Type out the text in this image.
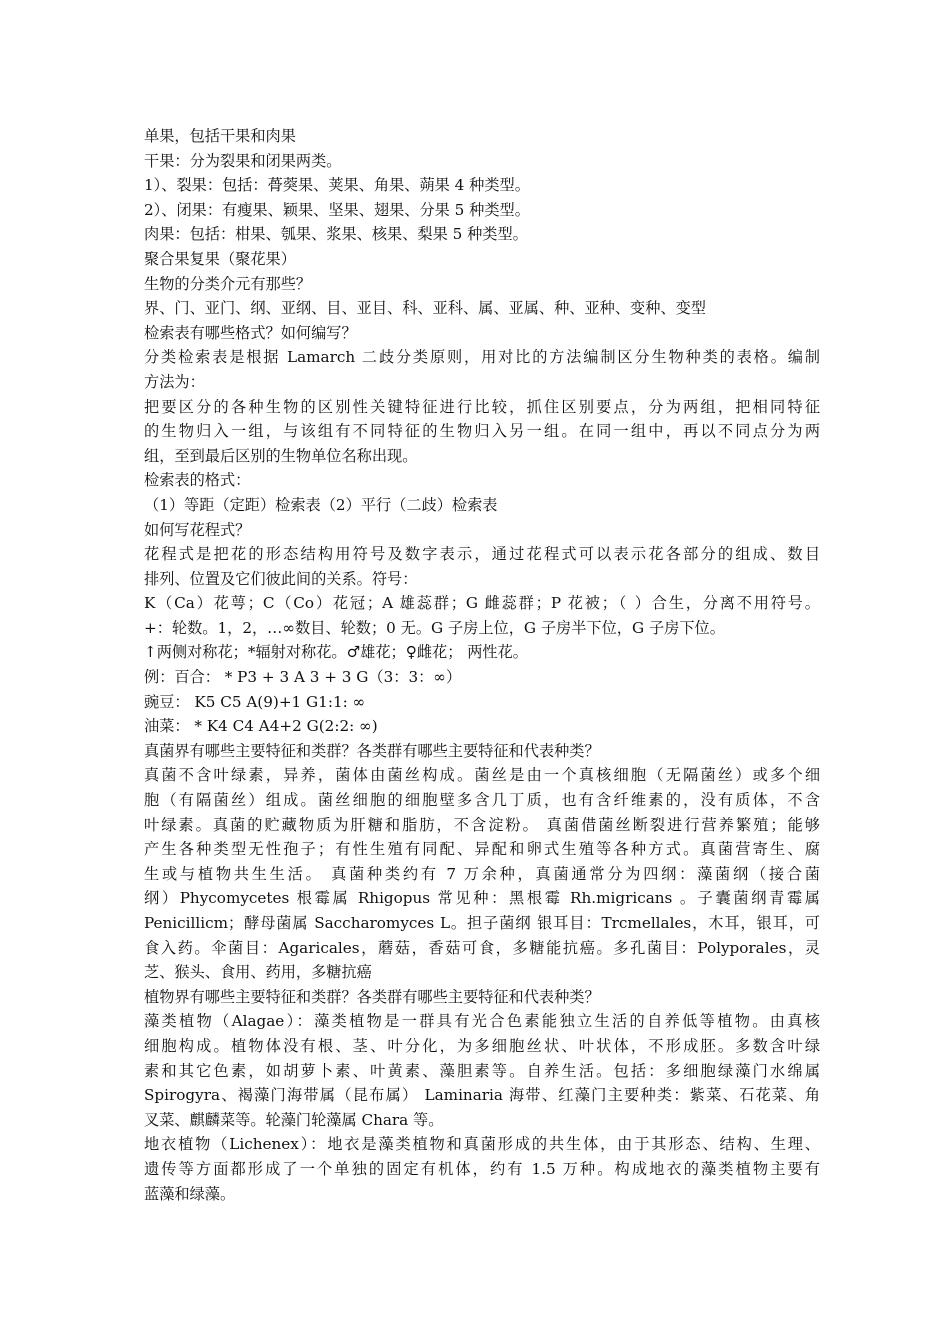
单果，包括干果和肉果
干果：分为裂果和闭果两类。
1）、裂果：包括：蓇葖果、荚果、角果、蒴果 4 种类型。
2）、闭果：有瘦果、颖果、坚果、翅果、分果 5 种类型。
肉果：包括：柑果、瓠果、浆果、核果、梨果 5 种类型。
聚合果复果（聚花果）
生物的分类介元有那些？
界、门、亚门、纲、亚纲、目、亚目、科、亚科、属、亚属、种、亚种、变种、变型
检索表有哪些格式？如何编写？
分类检索表是根据 Lamarch 二歧分类原则，用对比的方法编制区分生物种类的表格。编制
方法为：
把要区分的各种生物的区别性关键特征进行比较，抓住区别要点，分为两组，把相同特征
的生物归入一组，与该组有不同特征的生物归入另一组。在同一组中，再以不同点分为两
组，至到最后区别的生物单位名称出现。
检索表的格式：
（1）等距（定距）检索表（2）平行（二歧）检索表
如何写花程式？
花程式是把花的形态结构用符号及数字表示，通过花程式可以表示花各部分的组成、数目
排列、位置及它们彼此间的关系。符号：
K（Ca）花萼；C（Co）花冠；A 雄蕊群；G 雌蕊群；P 花被；（ ）合生，分离不用符号。
+：轮数。1，2，…∞数目、轮数；0 无。G 子房上位，G 子房半下位，G 子房下位。
↑两侧对称花；*辐射对称花。♂雄花；♀雌花； 两性花。
例：百合： * P3 + 3 A 3 + 3 G（3：3：∞）
豌豆： K5 C5 A(9)+1 G1:1: ∞
油菜： * K4 C4 A4+2 G(2:2: ∞)
真菌界有哪些主要特征和类群？各类群有哪些主要特征和代表种类？
真菌不含叶绿素，异养，菌体由菌丝构成。菌丝是由一个真核细胞（无隔菌丝）或多个细
胞（有隔菌丝）组成。菌丝细胞的细胞壁多含几丁质，也有含纤维素的，没有质体，不含
叶绿素。真菌的贮藏物质为肝糖和脂肪，不含淀粉。 真菌借菌丝断裂进行营养繁殖；能够
产生各种类型无性孢子；有性生殖有同配、异配和卵式生殖等各种方式。真菌营寄生、腐
生或与植物共生生活。 真菌种类约有 7 万余种，真菌通常分为四纲：藻菌纲（接合菌
纲）Phycomycetes 根霉属 Rhigopus 常见种：黑根霉 Rh.migricans 。子囊菌纲青霉属
Penicillicm；酵母菌属 Saccharomyces L。担子菌纲 银耳目：Trcmellales，木耳，银耳，可
食入药。伞菌目：Agaricales，蘑菇，香菇可食，多糖能抗癌。多孔菌目：Polyporales，灵
芝、猴头、食用、药用，多糖抗癌
植物界有哪些主要特征和类群？各类群有哪些主要特征和代表种类？
藻类植物（Alagae）：藻类植物是一群具有光合色素能独立生活的自养低等植物。由真核
细胞构成。植物体没有根、茎、叶分化，为多细胞丝状、叶状体，不形成胚。多数含叶绿
素和其它色素，如胡萝卜素、叶黄素、藻胆素等。自养生活。包括：多细胞绿藻门水绵属
Spirogyra、褐藻门海带属（昆布属） Laminaria 海带、红藻门主要种类：紫菜、石花菜、角
叉菜、麒麟菜等。轮藻门轮藻属 Chara 等。
地衣植物（Lichenex）：地衣是藻类植物和真菌形成的共生体，由于其形态、结构、生理、
遗传等方面都形成了一个单独的固定有机体，约有 1.5 万种。构成地衣的藻类植物主要有
蓝藻和绿藻。
